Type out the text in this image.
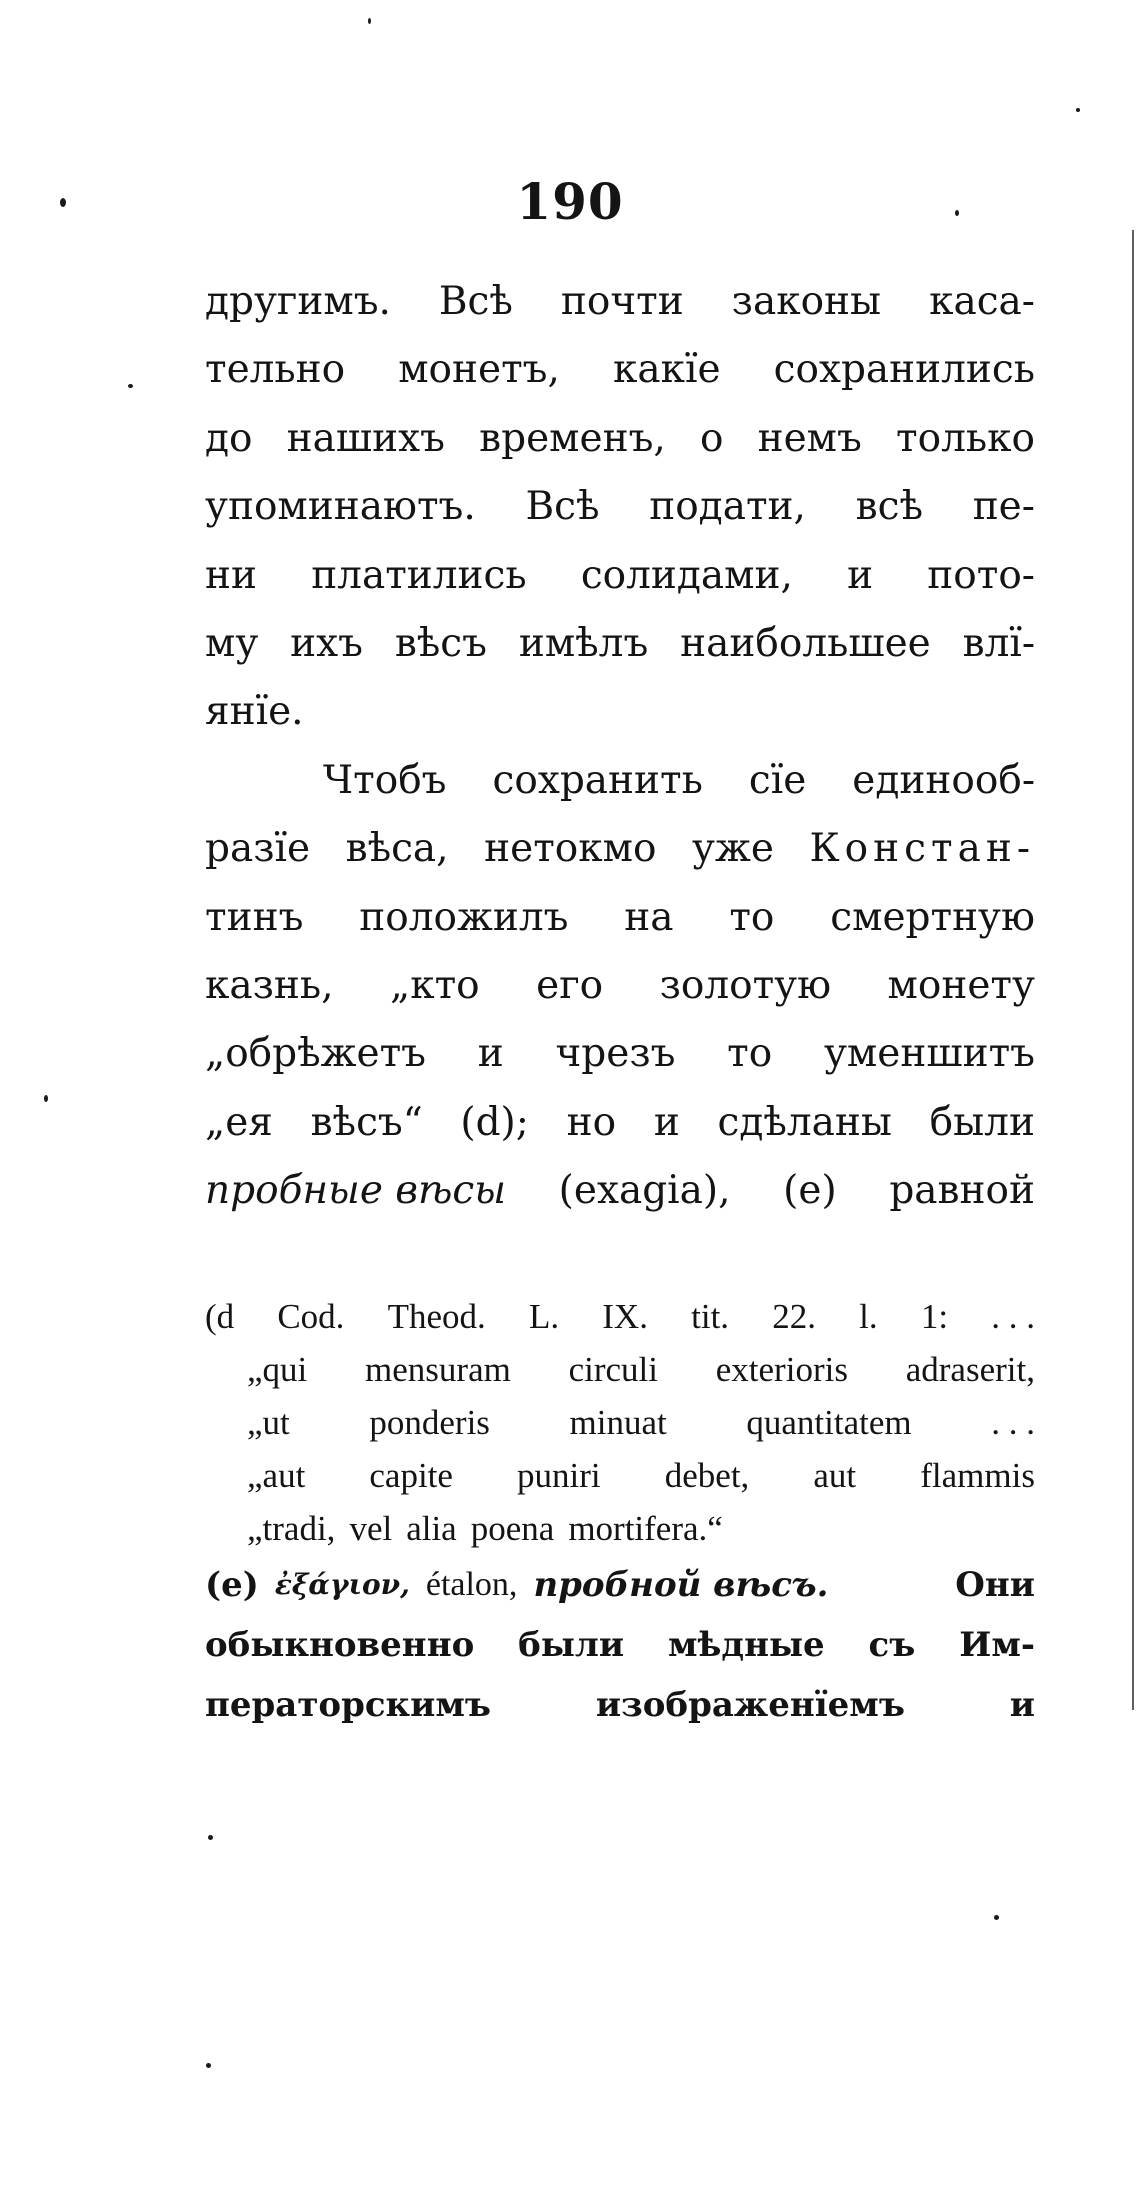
190
другимъ. Всѣ почти законы каса-
тельно монетъ, какїе сохранились
до нашихъ временъ, о немъ только
упоминаютъ. Всѣ подати, всѣ пе-
ни платились солидами, и пото-
му ихъ вѣсъ имѣлъ наибольшее влї-
янїе.
Чтобъ сохранить сїе единооб-
разїе вѣса, нетокмо уже Констан-
тинъ положилъ на то смертную
казнь, „кто его золотую монету
„обрѣжетъ и чрезъ то уменшитъ
„ея вѣсъ“ (d); но и сдѣланы были
пробные вѣсы (exagia), (e) равной
(d Cod. Theod. L. IX. tit. 22. l. 1: . . .
„qui mensuram circuli exterioris adraserit,
„ut ponderis minuat quantitatem . . .
„aut capite puniri debet, aut flammis
„tradi, vel alia poena mortifera.“
(e) ἐξάγιον, étalon, пробной вѣсъ.	Они
обыкновенно были мѣдные съ Им-
ператорскимъ	изображенїемъ	и
